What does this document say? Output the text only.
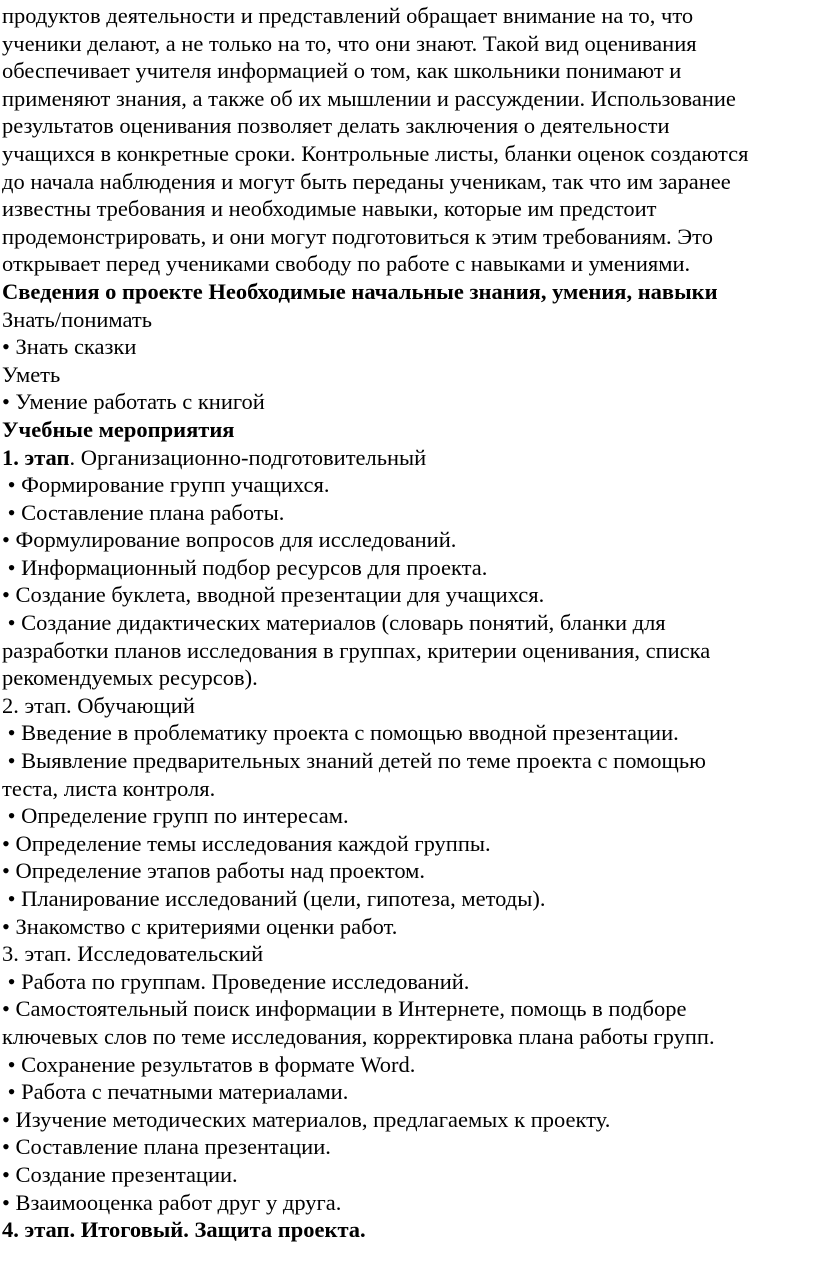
продуктов деятельности и представлений обращает внимание на то, что
ученики делают, а не только на то, что они знают. Такой вид оценивания
обеспечивает учителя информацией о том, как школьники понимают и
применяют знания, а также об их мышлении и рассуждении. Использование
результатов оценивания позволяет делать заключения о деятельности
учащихся в конкретные сроки. Контрольные листы, бланки оценок создаются
до начала наблюдения и могут быть переданы ученикам, так что им заранее
известны требования и необходимые навыки, которые им предстоит
продемонстрировать, и они могут подготовиться к этим требованиям. Это
открывает перед учениками свободу по работе с навыками и умениями.
Сведения о проекте Необходимые начальные знания, умения, навыки
Знать/понимать
• Знать сказки
Уметь
• Умение работать с книгой
Учебные мероприятия
1. этап. Организационно-подготовительный
• Формирование групп учащихся.
• Составление плана работы.
• Формулирование вопросов для исследований.
• Информационный подбор ресурсов для проекта.
• Создание буклета, вводной презентации для учащихся.
• Создание дидактических материалов (словарь понятий, бланки для
разработки планов исследования в группах, критерии оценивания, списка
рекомендуемых ресурсов).
2. этап. Обучающий
• Введение в проблематику проекта с помощью вводной презентации.
• Выявление предварительных знаний детей по теме проекта с помощью
теста, листа контроля.
• Определение групп по интересам.
• Определение темы исследования каждой группы.
• Определение этапов работы над проектом.
• Планирование исследований (цели, гипотеза, методы).
• Знакомство с критериями оценки работ.
3. этап. Исследовательский
• Работа по группам. Проведение исследований.
• Самостоятельный поиск информации в Интернете, помощь в подборе
ключевых слов по теме исследования, корректировка плана работы групп.
• Сохранение результатов в формате Word.
• Работа с печатными материалами.
• Изучение методических материалов, предлагаемых к проекту.
• Составление плана презентации.
• Создание презентации.
• Взаимооценка работ друг у друга.
4. этап. Итоговый. Защита проекта.
